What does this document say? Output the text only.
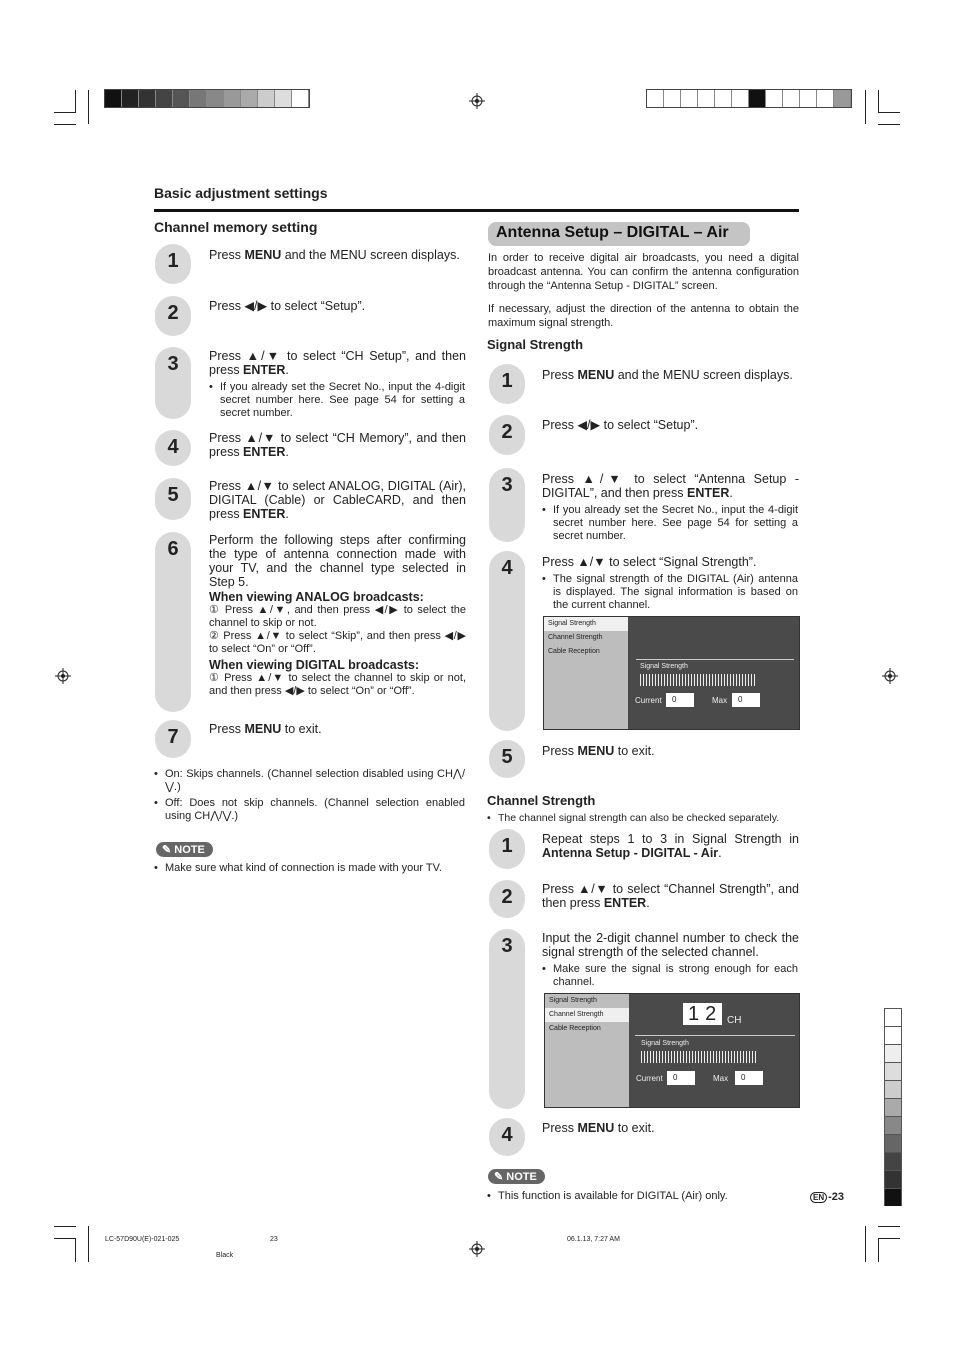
Basic adjustment settings
Channel memory setting
1	Press MENU and the MENU screen displays.
2	Press ◀/▶ to select “Setup”.
3	Press ▲/▼ to select “CH Setup”, and then press ENTER.
• If you already set the Secret No., input the 4-digit secret number here. See page 54 for setting a secret number.
4	Press ▲/▼ to select “CH Memory”, and then press ENTER.
5	Press ▲/▼ to select ANALOG, DIGITAL (Air), DIGITAL (Cable) or CableCARD, and then press ENTER.
6	Perform the following steps after confirming the type of antenna connection made with your TV, and the channel type selected in Step 5.
7	Press MENU to exit.
When viewing ANALOG broadcasts:
① Press ▲/▼, and then press ◀/▶ to select the channel to skip or not.
② Press ▲/▼ to select “Skip”, and then press ◀/▶ to select “On” or “Off”.
When viewing DIGITAL broadcasts:
① Press ▲/▼ to select the channel to skip or not, and then press ◀/▶ to select “On” or “Off”.
• On: Skips channels. (Channel selection disabled using CH⋀/⋁.)
• Off: Does not skip channels. (Channel selection enabled using CH⋀/⋁.)
✎ NOTE
• Make sure what kind of connection is made with your TV.
Antenna Setup – DIGITAL – Air
In order to receive digital air broadcasts, you need a digital broadcast antenna. You can confirm the antenna configuration through the “Antenna Setup - DIGITAL” screen.
If necessary, adjust the direction of the antenna to obtain the maximum signal strength.
Signal Strength
1	Press MENU and the MENU screen displays.
2	Press ◀/▶ to select “Setup”.
3	Press ▲/▼ to select “Antenna Setup - DIGITAL”, and then press ENTER.
• If you already set the Secret No., input the 4-digit secret number here. See page 54 for setting a secret number.
4	Press ▲/▼ to select “Signal Strength”.
• The signal strength of the DIGITAL (Air) antenna is displayed. The signal information is based on the current channel.
5	Press MENU to exit.
Signal Strength
Channel Strength
Cable Reception
Signal Strength
Current	0	Max	0
Channel Strength
• The channel signal strength can also be checked separately.
1	Repeat steps 1 to 3 in Signal Strength in Antenna Setup - DIGITAL - Air.
2	Press ▲/▼ to select “Channel Strength”, and then press ENTER.
3	Input the 2-digit channel number to check the signal strength of the selected channel.
• Make sure the signal is strong enough for each channel.
4	Press MENU to exit.
Signal Strength
Channel Strength
Cable Reception
12 CH
Signal Strength
Current	0	Max	0
✎ NOTE
• This function is available for DIGITAL (Air) only.	EN -23
LC-57D90U(E)-021-025	23	06.1.13, 7:27 AM
Black
